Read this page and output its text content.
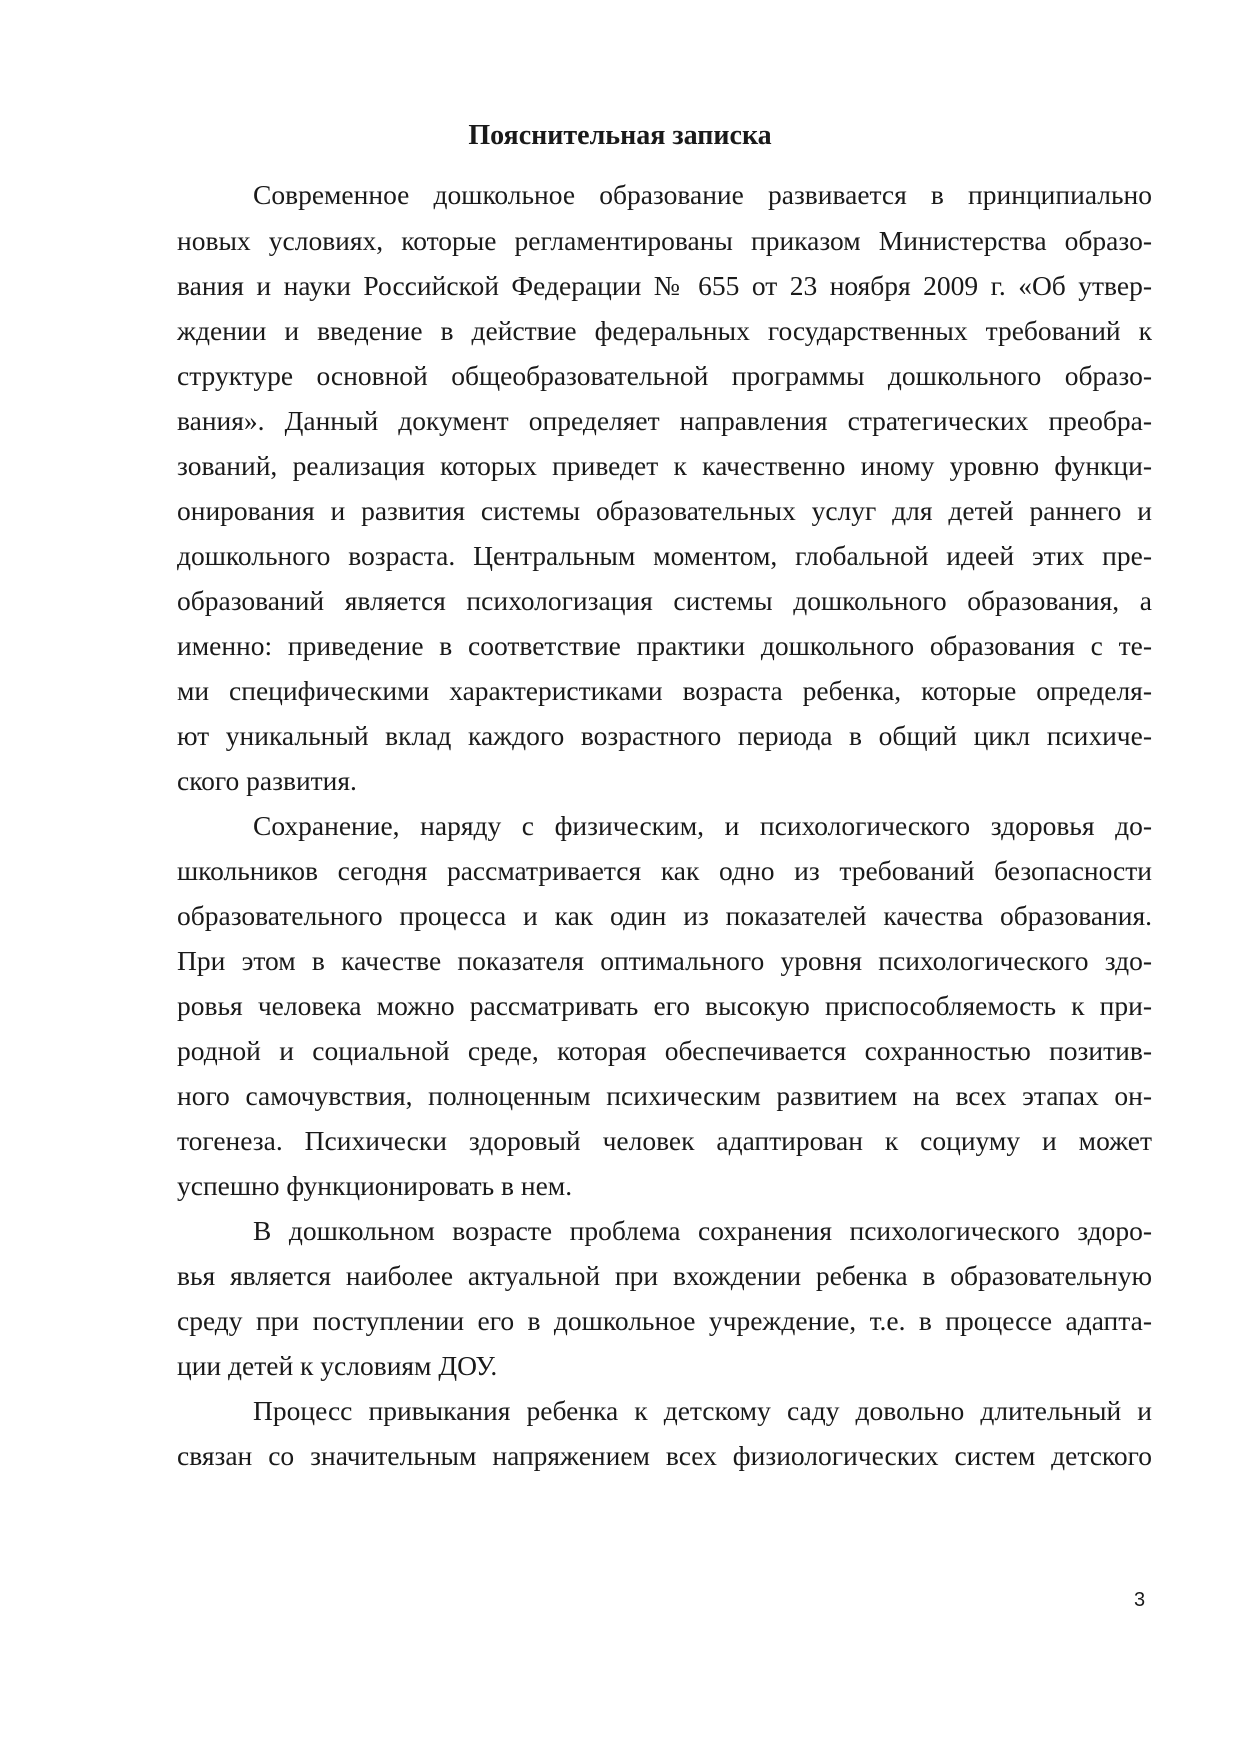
Пояснительная записка

Современное дошкольное образование развивается в принципиально

новых условиях, которые регламентированы приказом Министерства образо-

вания и науки Российской Федерации № 655 от 23 ноября 2009 г. «Об утвер-

ждении и введение в действие федеральных государственных требований к

структуре основной общеобразовательной программы дошкольного образо-

вания». Данный документ определяет направления стратегических преобра-

зований, реализация которых приведет к качественно иному уровню функци-

онирования и развития системы образовательных услуг для детей раннего и

дошкольного возраста. Центральным моментом, глобальной идеей этих пре-

образований является психологизация системы дошкольного образования, а

именно: приведение в соответствие практики дошкольного образования с те-

ми специфическими характеристиками возраста ребенка, которые определя-

ют уникальный вклад каждого возрастного периода в общий цикл психиче-

ского развития.

Сохранение, наряду с физическим, и психологического здоровья до-

школьников сегодня рассматривается как одно из требований безопасности

образовательного процесса и как один из показателей качества образования.

При этом в качестве показателя оптимального уровня психологического здо-

ровья человека можно рассматривать его высокую приспособляемость к при-

родной и социальной среде, которая обеспечивается сохранностью позитив-

ного самочувствия, полноценным психическим развитием на всех этапах он-

тогенеза. Психически здоровый человек адаптирован к социуму и может

успешно функционировать в нем.

В дошкольном возрасте проблема сохранения психологического здоро-

вья является наиболее актуальной при вхождении ребенка в образовательную

среду при поступлении его в дошкольное учреждение, т.е. в процессе адапта-

ции детей к условиям ДОУ.

Процесс привыкания ребенка к детскому саду довольно длительный и

связан со значительным напряжением всех физиологических систем детского

3
